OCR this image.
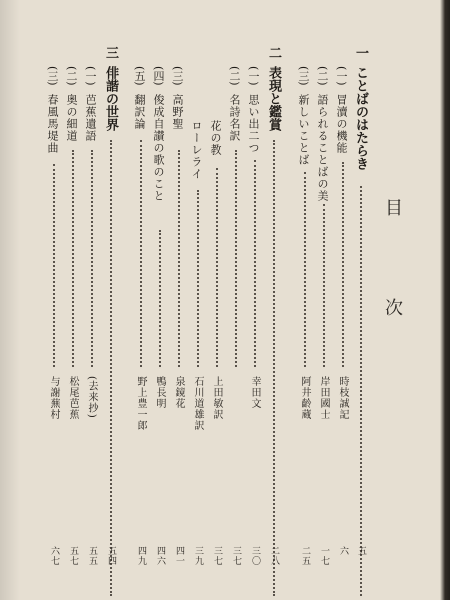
目　次
一
ことばのはたらき
五
(一)
冒瀆の機能
時枝誠記
六
(二)
語られることばの美
岸田國士
一七
(三)
新しいことば
阿井齡蔵
二五
二
表現と鑑賞
二八
(一)
思い出二つ
幸田文
三〇
(二)
名詩名訳
三七
花の教
上田敏訳
三七
ローレライ
石川道雄訳
三九
(三)
高野聖
泉鏡花
四一
(四)
俊成自讃の歌のこと
鴨長明
四六
(五)
翻訳論
野上豊一郎
四九
三
俳諧の世界
五四
(一)
芭蕉遺語
(去来抄)
五五
(二)
奥の細道
松尾芭蕉
五七
(三)
春風馬堤曲
与謝蕪村
六七
